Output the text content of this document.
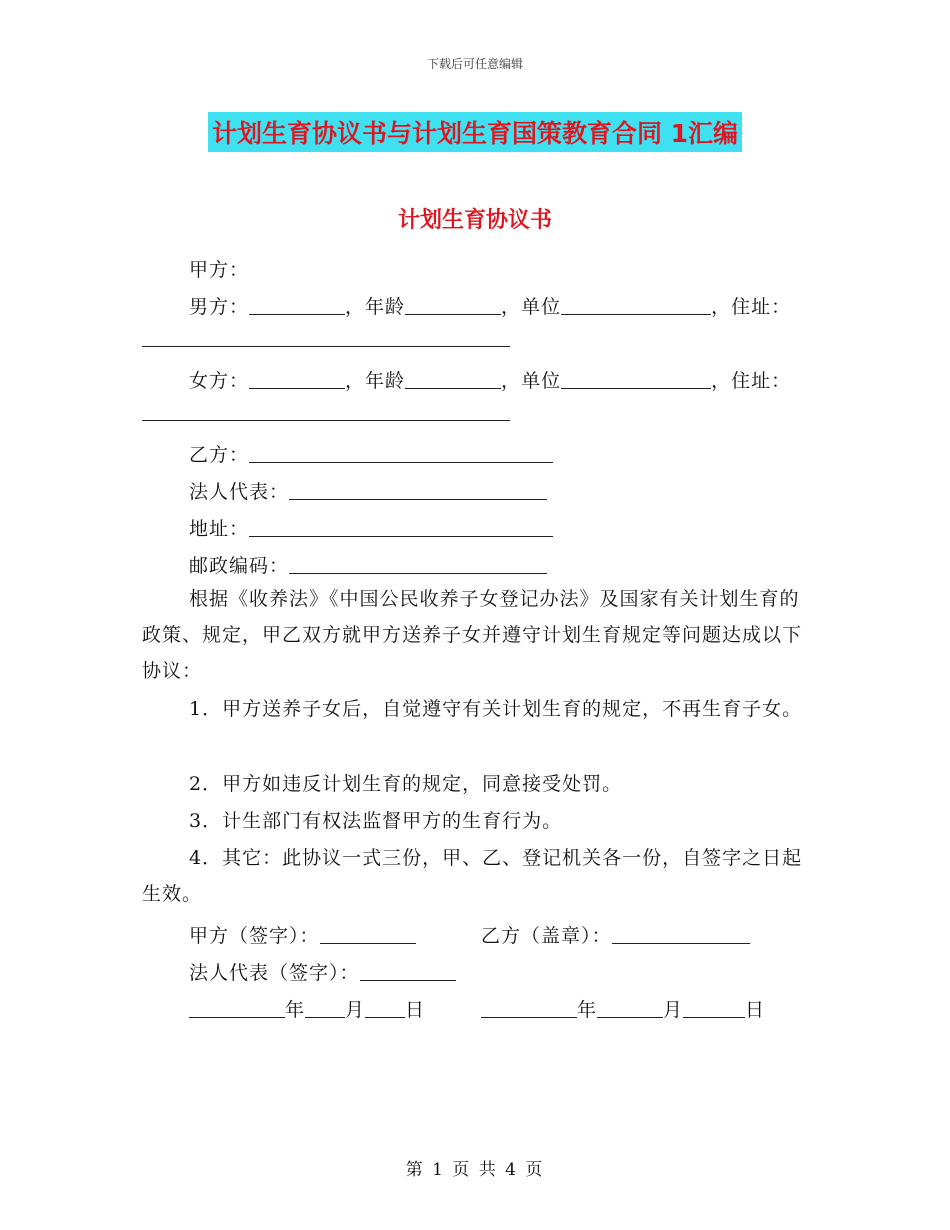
下载后可任意编辑
计划生育协议书与计划生育国策教育合同 1汇编
计划生育协议书
甲方：
男方：	，年龄	，单位	，住址：
女方：	，年龄	，单位	，住址：
乙方：
法人代表：
地址：
邮政编码：
根据《收养法》《中国公民收养子女登记办法》及国家有关计划生育的政策、规定，甲乙双方就甲方送养子女并遵守计划生育规定等问题达成以下协议：
1．甲方送养子女后，自觉遵守有关计划生育的规定，不再生育子女。
2．甲方如违反计划生育的规定，同意接受处罚。
3．计生部门有权法监督甲方的生育行为。
4．其它：此协议一式三份，甲、乙、登记机关各一份，自签字之日起生效。
甲方（签字）：	乙方（盖章）：
法人代表（签字）：
年 月 日	年	月	日
第 1 页 共 4 页
